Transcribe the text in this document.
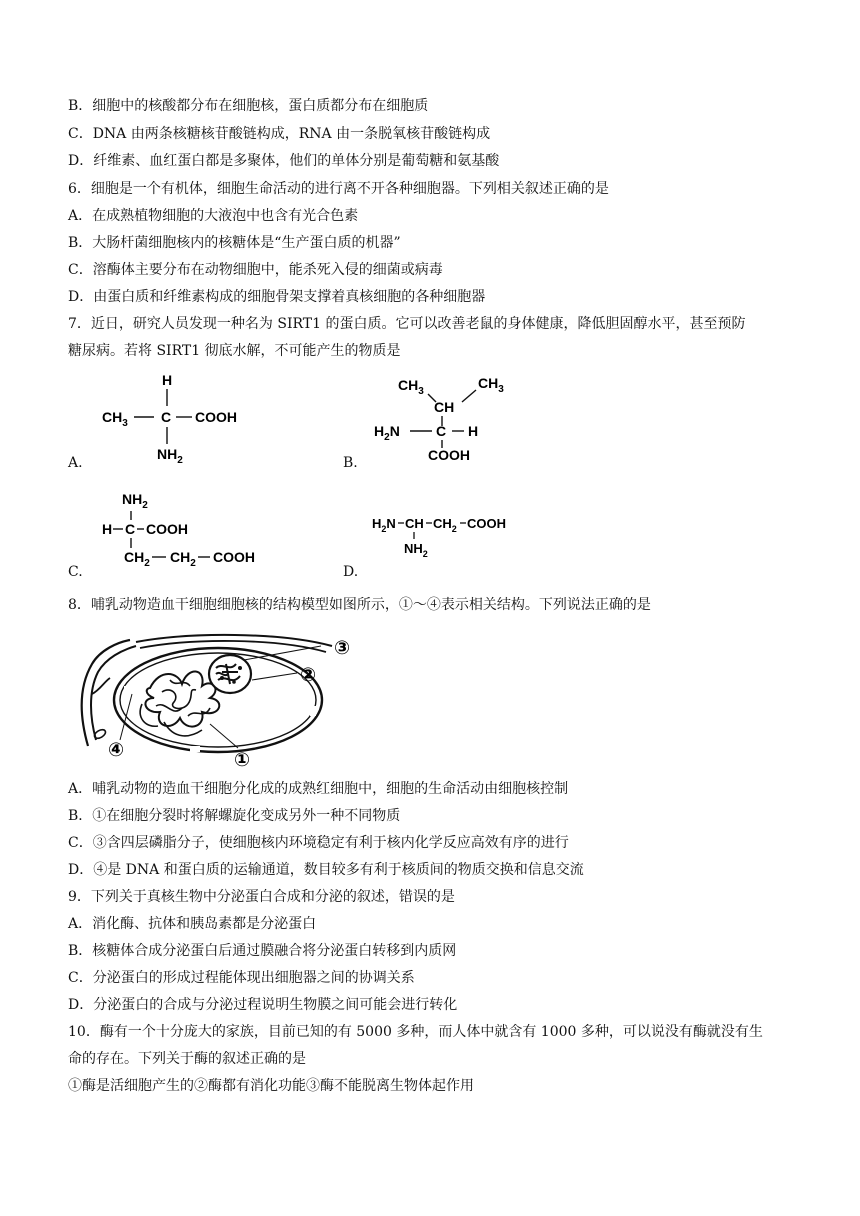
B．细胞中的核酸都分布在细胞核，蛋白质都分布在细胞质
C．DNA 由两条核糖核苷酸链构成，RNA 由一条脱氧核苷酸链构成
D．纤维素、血红蛋白都是多聚体，他们的单体分别是葡萄糖和氨基酸
6．细胞是一个有机体，细胞生命活动的进行离不开各种细胞器。下列相关叙述正确的是
A．在成熟植物细胞的大液泡中也含有光合色素
B．大肠杆菌细胞核内的核糖体是“生产蛋白质的机器”
C．溶酶体主要分布在动物细胞中，能杀死入侵的细菌或病毒
D．由蛋白质和纤维素构成的细胞骨架支撑着真核细胞的各种细胞器
7．近日，研究人员发现一种名为 SIRT1 的蛋白质。它可以改善老鼠的身体健康，降低胆固醇水平，甚至预防
糖尿病。若将 SIRT1 彻底水解，不可能产生的物质是
A.
H
$CH_3$ C COOH
$NH_2$	B.
$CH_3$
$CH_3$
CH
$H_2N$	C H
COOH
C.
$NH_2$
H C COOH
$CH_2$ $CH_2$ COOH
D.
$H_2N$ CH $CH_2$ COOH
$NH_2$
8．哺乳动物造血干细胞细胞核的结构模型如图所示，①～④表示相关结构。下列说法正确的是
③
②
①
④
A．哺乳动物的造血干细胞分化成的成熟红细胞中，细胞的生命活动由细胞核控制
B．①在细胞分裂时将解螺旋化变成另外一种不同物质
C．③含四层磷脂分子，使细胞核内环境稳定有利于核内化学反应高效有序的进行
D．④是 DNA 和蛋白质的运输通道，数目较多有利于核质间的物质交换和信息交流
9．下列关于真核生物中分泌蛋白合成和分泌的叙述，错误的是
A．消化酶、抗体和胰岛素都是分泌蛋白
B．核糖体合成分泌蛋白后通过膜融合将分泌蛋白转移到内质网
C．分泌蛋白的形成过程能体现出细胞器之间的协调关系
D．分泌蛋白的合成与分泌过程说明生物膜之间可能会进行转化
10．酶有一个十分庞大的家族，目前已知的有 5000 多种，而人体中就含有 1000 多种，可以说没有酶就没有生
命的存在。下列关于酶的叙述正确的是
①酶是活细胞产生的②酶都有消化功能③酶不能脱离生物体起作用
